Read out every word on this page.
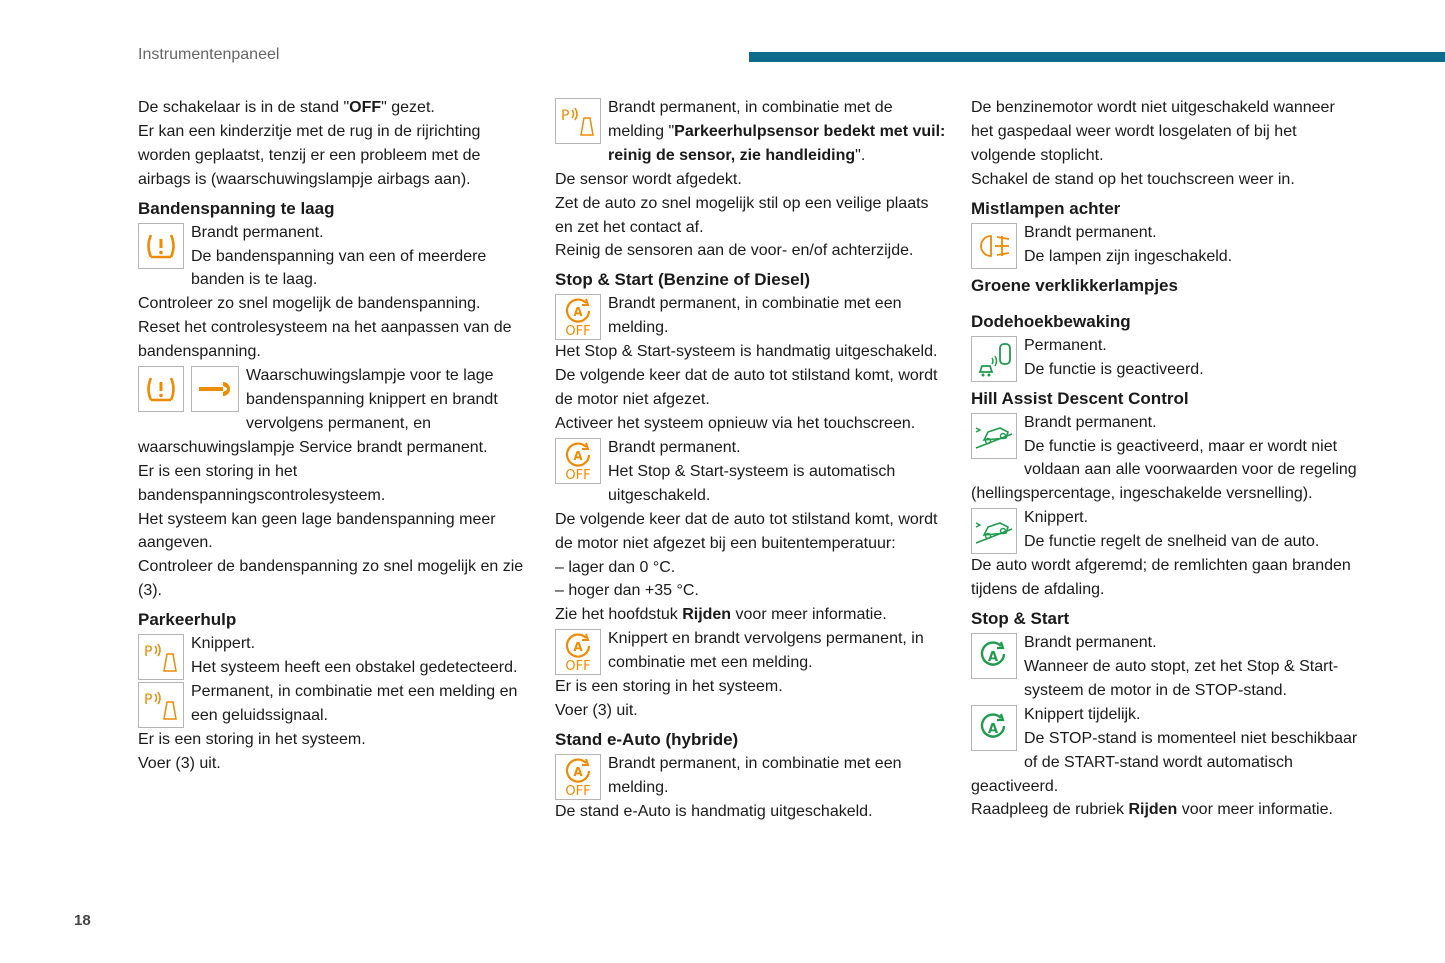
Instrumentenpaneel

De schakelaar is in de stand "OFF" gezet.

Er kan een kinderzitje met de rug in de rijrichting worden geplaatst, tenzij er een probleem met de airbags is (waarschuwingslampje airbags aan).

Bandenspanning te laag

Brandt permanent.

De bandenspanning van een of meerdere banden is te laag.

Controleer zo snel mogelijk de bandenspanning.

Reset het controlesysteem na het aanpassen van de bandenspanning.

Waarschuwingslampje voor te lage bandenspanning knippert en brandt vervolgens permanent, en waarschuwingslampje Service brandt permanent.

Er is een storing in het bandenspanningscontrolesysteem.

Het systeem kan geen lage bandenspanning meer aangeven.

Controleer de bandenspanning zo snel mogelijk en zie (3).

Parkeerhulp
P	Knippert.

Het systeem heeft een obstakel gedetecteerd.

P	Permanent, in combinatie met een melding en een geluidssignaal.

Er is een storing in het systeem.

Voer (3) uit.

P	Brandt permanent, in combinatie met de melding "Parkeerhulpsensor bedekt met vuil: reinig de sensor, zie handleiding".

De sensor wordt afgedekt.

Zet de auto zo snel mogelijk stil op een veilige plaats en zet het contact af.

Reinig de sensoren aan de voor- en/of achterzijde.

Stop & Start (Benzine of Diesel)
A
OFF

Brandt permanent, in combinatie met een melding.

Het Stop & Start-systeem is handmatig uitgeschakeld.

De volgende keer dat de auto tot stilstand komt, wordt de motor niet afgezet.

Activeer het systeem opnieuw via het touchscreen.

A
OFF

Brandt permanent.

Het Stop & Start-systeem is automatisch uitgeschakeld.

De volgende keer dat de auto tot stilstand komt, wordt de motor niet afgezet bij een buitentemperatuur:

– lager dan 0 °C.

– hoger dan +35 °C.

Zie het hoofdstuk Rijden voor meer informatie.

A
OFF

Knippert en brandt vervolgens permanent, in combinatie met een melding.

Er is een storing in het systeem.

Voer (3) uit.

Stand e-Auto (hybride)
A
OFF

Brandt permanent, in combinatie met een melding.

De stand e-Auto is handmatig uitgeschakeld.

De benzinemotor wordt niet uitgeschakeld wanneer het gaspedaal weer wordt losgelaten of bij het volgende stoplicht.

Schakel de stand op het touchscreen weer in.

Mistlampen achter

Brandt permanent.

De lampen zijn ingeschakeld.

Groene verklikkerlampjes
Dodehoekbewaking

Permanent.

De functie is geactiveerd.

Hill Assist Descent Control

Brandt permanent.

De functie is geactiveerd, maar er wordt niet voldaan aan alle voorwaarden voor de regeling (hellingspercentage, ingeschakelde versnelling).

Knippert.

De functie regelt de snelheid van de auto.

De auto wordt afgeremd; de remlichten gaan branden tijdens de afdaling.

Stop & Start
A

Brandt permanent.

Wanneer de auto stopt, zet het Stop & Start-systeem de motor in de STOP-stand.

A

Knippert tijdelijk.

De STOP-stand is momenteel niet beschikbaar of de START-stand wordt automatisch geactiveerd.

Raadpleeg de rubriek Rijden voor meer informatie.

18
